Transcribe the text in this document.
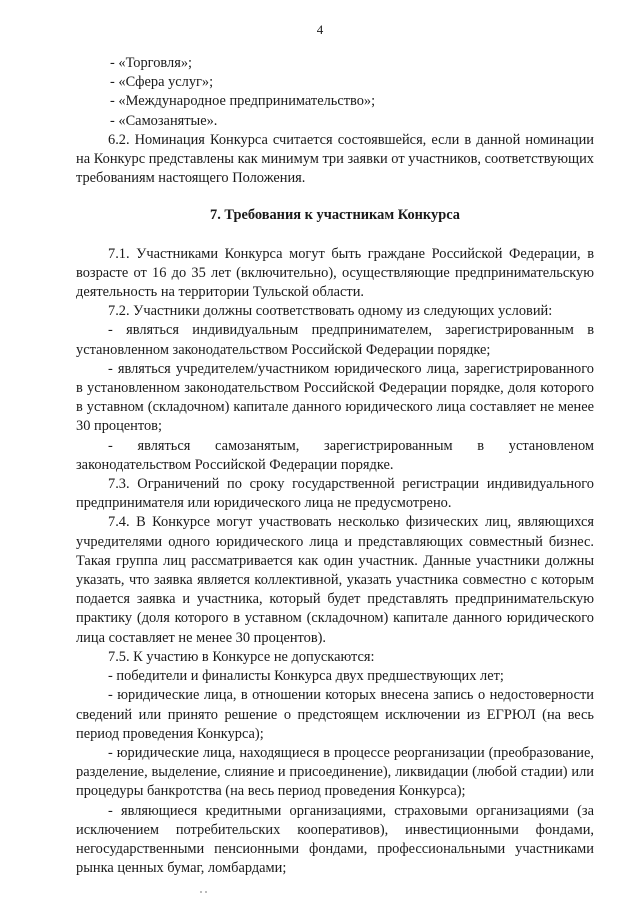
4

- «Торговля»;

- «Сфера услуг»;

- «Международное предпринимательство»;

- «Самозанятые».

6.2. Номинация Конкурса считается состоявшейся, если в данной номинации на Конкурс представлены как минимум три заявки от участников, соответствующих требованиям настоящего Положения.

7. Требования к участникам Конкурса

7.1. Участниками Конкурса могут быть граждане Российской Федерации, в возрасте от 16 до 35 лет (включительно), осуществляющие предпринимательскую деятельность на территории Тульской области.

7.2. Участники должны соответствовать одному из следующих условий:

- являться индивидуальным предпринимателем, зарегистрированным в установленном законодательством Российской Федерации порядке;

- являться учредителем/участником юридического лица, зарегистрированного в установленном законодательством Российской Федерации порядке, доля которого в уставном (складочном) капитале данного юридического лица составляет не менее 30 процентов;

- являться самозанятым, зарегистрированным в установленом законодательством Российской Федерации порядке.

7.3. Ограничений по сроку государственной регистрации индивидуального предпринимателя или юридического лица не предусмотрено.

7.4. В Конкурсе могут участвовать несколько физических лиц, являющихся учредителями одного юридического лица и представляющих совместный бизнес. Такая группа лиц рассматривается как один участник. Данные участники должны указать, что заявка является коллективной, указать участника совместно с которым подается заявка и участника, который будет представлять предпринимательскую практику (доля которого в уставном (складочном) капитале данного юридического лица составляет не менее 30 процентов).

7.5. К участию в Конкурсе не допускаются:

- победители и финалисты Конкурса двух предшествующих лет;

- юридические лица, в отношении которых внесена запись о недостоверности сведений или принято решение о предстоящем исключении из ЕГРЮЛ (на весь период проведения Конкурса);

- юридические лица, находящиеся в процессе реорганизации (преобразование, разделение, выделение, слияние и присоединение), ликвидации (любой стадии) или процедуры банкротства (на весь период проведения Конкурса);

- являющиеся кредитными организациями, страховыми организациями (за исключением потребительских кооперативов), инвестиционными фондами, негосударственными пенсионными фондами, профессиональными участниками рынка ценных бумаг, ломбардами;
